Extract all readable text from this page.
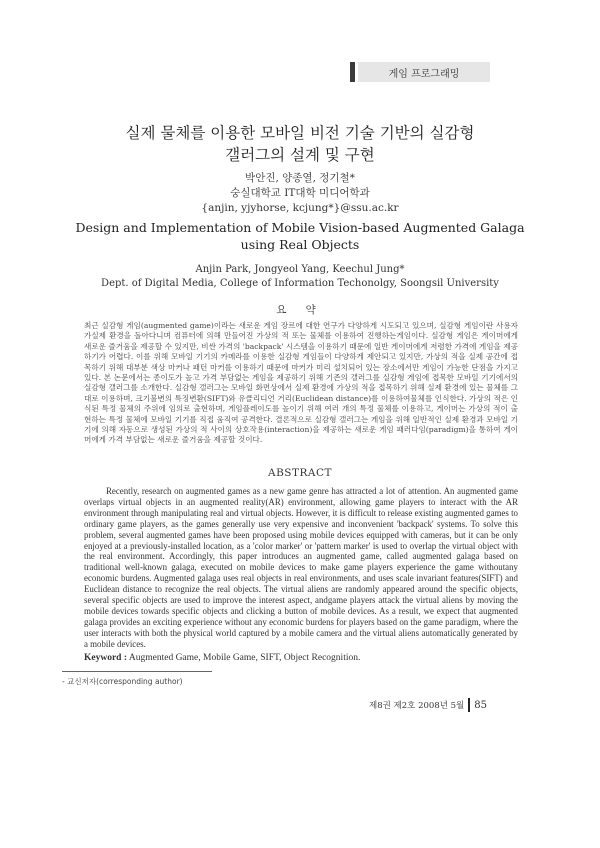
게임 프로그래밍
실제 물체를 이용한 모바일 비전 기술 기반의 실감형
갤러그의 설계 및 구현
박안진, 양종열, 정기철*
숭실대학교 IT대학 미디어학과
{anjin, yjyhorse, kcjung*}@ssu.ac.kr
Design and Implementation of Mobile Vision-based Augmented Galaga
using Real Objects
Anjin Park, Jongyeol Yang, Keechul Jung*
Dept. of Digital Media, College of Information Techonolgy, Soongsil University
요 약
최근 실감형 게임(augmented game)이라는 새로운 게임 장르에 대한 연구가 다양하게 시도되고 있으며, 실감형 게임이란 사용자가실제 환경을 돌아다니며 컴퓨터에 의해 만들어진 가상의 적 또는 물체를 이용하여 진행하는게임이다. 실감형 게임은 게이머에게 새로운 즐거움을 제공할 수 있지만, 비싼 가격의 'backpack' 시스템을 이용하기 때문에 일반 게이머에게 저렴한 가격에 게임을 제공하기가 어렵다. 이를 위해 모바일 기기의 카메라를 이용한 실감형 게임들이 다양하게 제안되고 있지만, 가상의 적을 실제 공간에 접목하기 위해 대부분 색상 마커나 패턴 마커를 이용하기 때문에 마커가 미리 설치되어 있는 장소에서만 게임이 가능한 단점을 가지고 있다. 본 논문에서는 종이도가 높고 가격 부담없는 게임을 제공하기 위해 기존의 갤러그를 실감형 게임에 접목한 모바일 기기에서의 실감형 갤러그를 소개한다. 실감형 갤러그는 모바일 화면상에서 실제 환경에 가상의 적을 접목하기 위해 실제 환경에 있는 물체를 그대로 이용하며, 크기불변의 특징변환(SIFT)와 유클리디언 거리(Euclidean distance)를 이용하여물체를 인식한다. 가상의 적은 인식된 특정 물체의 주위에 임의로 출현하며, 게임플레이도를 높이기 위해 여러 개의 특정 물체를 이용하고, 게이머는 가상의 적이 출현하는 특정 물체에 모바일 기기를 직접 움직여 공격한다. 결론적으로 실감형 갤러그는 게임을 위해 일반적인 실제 환경과 모바일 기기에 의해 자동으로 생성된 가상의 적 사이의 상호작용(interaction)을 제공하는 새로운 게임 패러다임(paradigm)을 통하여 게이머에게 가격 부담없는 새로운 즐거움을 제공할 것이다.
ABSTRACT
Recently, research on augmented games as a new game genre has attracted a lot of attention. An augmented game overlaps virtual objects in an augmented reality(AR) environment, allowing game players to interact with the AR environment through manipulating real and virtual objects. However, it is difficult to release existing augmented games to ordinary game players, as the games generally use very expensive and inconvenient 'backpack' systems. To solve this problem, several augmented games have been proposed using mobile devices equipped with cameras, but it can be only enjoyed at a previously-installed location, as a 'color marker' or 'pattern marker' is used to overlap the virtual object with the real environment. Accordingly, this paper introduces an augmented game, called augmented galaga based on traditional well-known galaga, executed on mobile devices to make game players experience the game withoutany economic burdens. Augmented galaga uses real objects in real environments, and uses scale invariant features(SIFT) and Euclidean distance to recognize the real objects. The virtual aliens are randomly appeared around the specific objects, several specific objects are used to improve the interest aspect, andgame players attack the virtual aliens by moving the mobile devices towards specific objects and clicking a button of mobile devices. As a result, we expect that augmented galaga provides an exciting experience without any economic burdens for players based on the game paradigm, where the user interacts with both the physical world captured by a mobile camera and the virtual aliens automatically generated by a mobile devices.
Keyword : Augmented Game, Mobile Game, SIFT, Object Recognition.
- 교신저자(corresponding author)
제8권 제2호 2008년 5월 85
